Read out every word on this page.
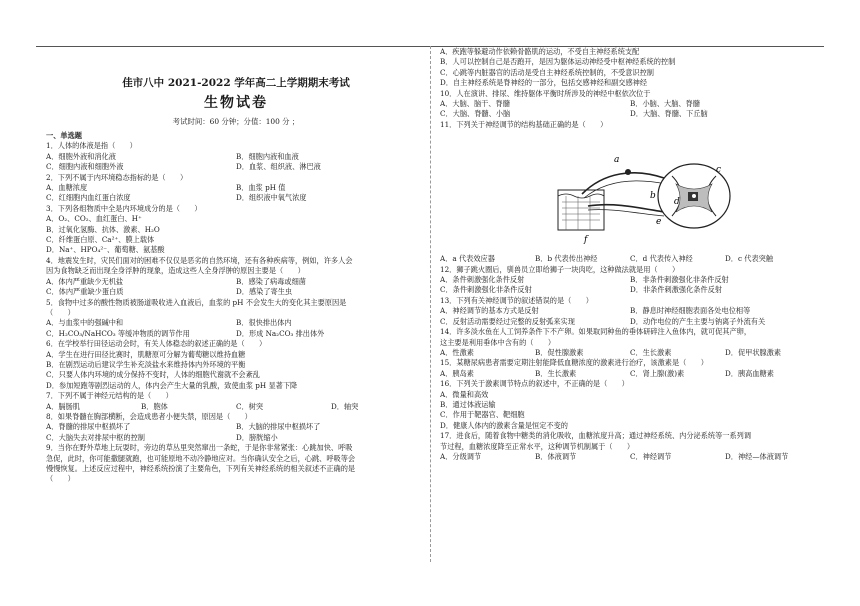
佳市八中 2021-2022 学年高二上学期期末考试
生物试卷
考试时间：60 分钟；分值：100 分 ；
一、单选题
1．人体的体液是指（　　）
A．细胞外液和消化液	B．细胞内液和血液
C．细胞内液和细胞外液	D．血浆、组织液、淋巴液
2．下列不属于内环境稳态指标的是（　　）
A．血糖浓度	B．血浆 pH 值
C．红细胞内血红蛋白浓度	D．组织液中氧气浓度
3．下列各组物质中全是内环境成分的是（　　）
A．O₂、CO₂、血红蛋白、H⁺
B．过氧化氢酶、抗体、激素、H₂O
C．纤维蛋白原、Ca²⁺、膜上载体
D．Na⁺、HPO₄²⁻、葡萄糖、氨基酸
4．地震发生时，灾民们面对的困难不仅仅是恶劣的自然环境，还有各种疾病等，例如，许多人会
因为食物缺乏而出现全身浮肿的现象，造成这些人全身浮肿的原因主要是（　　）
A．体内严重缺少无机盐	B．感染了病毒或细菌
C．体内严重缺少蛋白质	D．感染了寄生虫
5．食物中过多的酸性物质被肠道吸收进入血液后，血浆的 pH 不会发生大的变化其主要原因是
（　　）
A．与血浆中的强碱中和	B．很快排出体内
C．H₂CO₃/NaHCO₃ 等缓冲物质的调节作用	D．形成 Na₂CO₃ 排出体外
6．在学校举行田径运动会时，有关人体稳态的叙述正确的是（　　）
A．学生在进行田径比赛时，肌糖原可分解为葡萄糖以维持血糖
B．在剧烈运动后建议学生补充淡盐水来维持体内外环境的平衡
C．只要人体内环境的成分保持不变时，人体的细胞代谢就不会紊乱
D．参加短跑等剧烈运动的人，体内会产生大量的乳酸，致使血浆 pH 显著下降
7．下列不属于神经元结构的是（　　）
A．膈肠肌	B．胞体	C．树突	D．轴突
8．如果脊髓在胸部横断，会造成患者小便失禁，原因是（　　）
A．脊髓的排尿中枢损坏了	B．大脑的排尿中枢损坏了
C．大脑失去对排尿中枢的控制	D．膀胱缩小
9．当你在野外草地上玩耍时，旁边的草丛里突然窜出一条蛇，于是你非常紧张：心跳加快、呼吸
急促，此时，你可能撒腿就跑，也可能原地不动冷静地应对。当你确认安全之后，心跳、呼吸等会
慢慢恢复。上述反应过程中，神经系统扮演了主要角色，下列有关神经系统的相关叙述不正确的是
（　　）
A．疾跑等躲避动作依赖骨骼肌的运动，不受自主神经系统支配
B．人可以控制自己是否跑开，是因为躯体运动神经受中枢神经系统的控制
C．心跳等内脏器官的活动是受自主神经系统控制的，不受意识控制
D．自主神经系统是脊神经的一部分，包括交感神经和副交感神经
10．人在演讲、排尿、维持躯体平衡时所涉及的神经中枢依次位于
A．大脑、脑干、脊髓	B．小脑、大脑、脊髓
C．大脑、脊髓、小脑	D．大脑、脊髓、下丘脑
11．下列关于神经调节的结构基础正确的是（　　）
a
b
c
d
e
f
A．a 代表效应器	B．b 代表传出神经	C．d 代表传入神经	D．c 代表突触
12．狮子跳火圈后，驯兽员立即给狮子一块肉吃，这种做法就是用（　　）
A．条件刺激强化条件反射	B．非条件刺激强化非条件反射
C．条件刺激强化非条件反射	D．非条件刺激强化条件反射
13．下列有关神经调节的叙述错误的是（　　）
A．神经调节的基本方式是反射	B．静息时神经细胞表面各处电位相等
C．反射活动需要经过完整的反射弧来实现	D．动作电位的产生主要与钠离子外流有关
14．许多淡水鱼在人工饲养条件下不产卵。如果取同种鱼的垂体研碎注入鱼体内，就可促其产卵，
这主要是利用垂体中含有的（　　）
A．性激素	B．促性腺激素	C．生长激素	D．促甲状腺激素
15．某糖尿病患者需要定期注射能降低血糖浓度的激素进行治疗，该激素是（　　）
A．胰岛素	B．生长激素	C．肾上腺(激)素	D．胰高血糖素
16．下列关于激素调节特点的叙述中，不正确的是（　　）
A．微量和高效
B．通过体液运输
C．作用于靶器官、靶细胞
D．健康人体内的激素含量是恒定不变的
17．进食后，随着食物中糖类的消化吸收，血糖浓度升高；通过神经系统、内分泌系统等一系列调
节过程，血糖浓度降至正常水平，这种调节机制属于（　　）
A．分级调节	B．体液调节	C．神经调节	D．神经—体液调节
